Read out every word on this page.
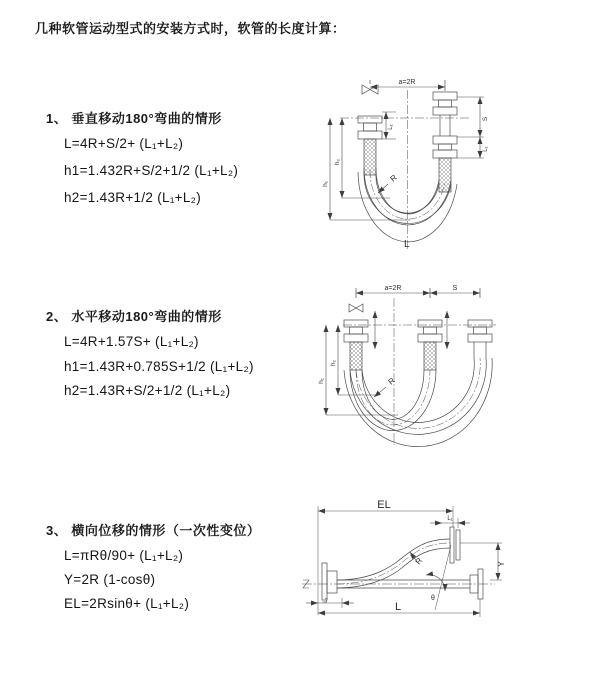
几种软管运动型式的安装方式时，软管的长度计算：
1、 垂直移动180°弯曲的情形
L=4R+S/2+ (L₁+L₂)
h1=1.432R+S/2+1/2 (L₁+L₂)
h2=1.43R+1/2 (L₁+L₂)
2、 水平移动180°弯曲的情形
L=4R+1.57S+ (L₁+L₂)
h1=1.43R+0.785S+1/2 (L₁+L₂)
h2=1.43R+S/2+1/2 (L₁+L₂)
3、 横向位移的情形（一次性变位）
L=πRθ/90+ (L₁+L₂)
Y=2R (1-cosθ)
EL=2Rsinθ+ (L₁+L₂)
a=2R
S
L₁
L₁
h₂
h₁
R
L
a=2R	S
h₂
h₁	R
EL
L₁
Y
R
θ
L₁
L
